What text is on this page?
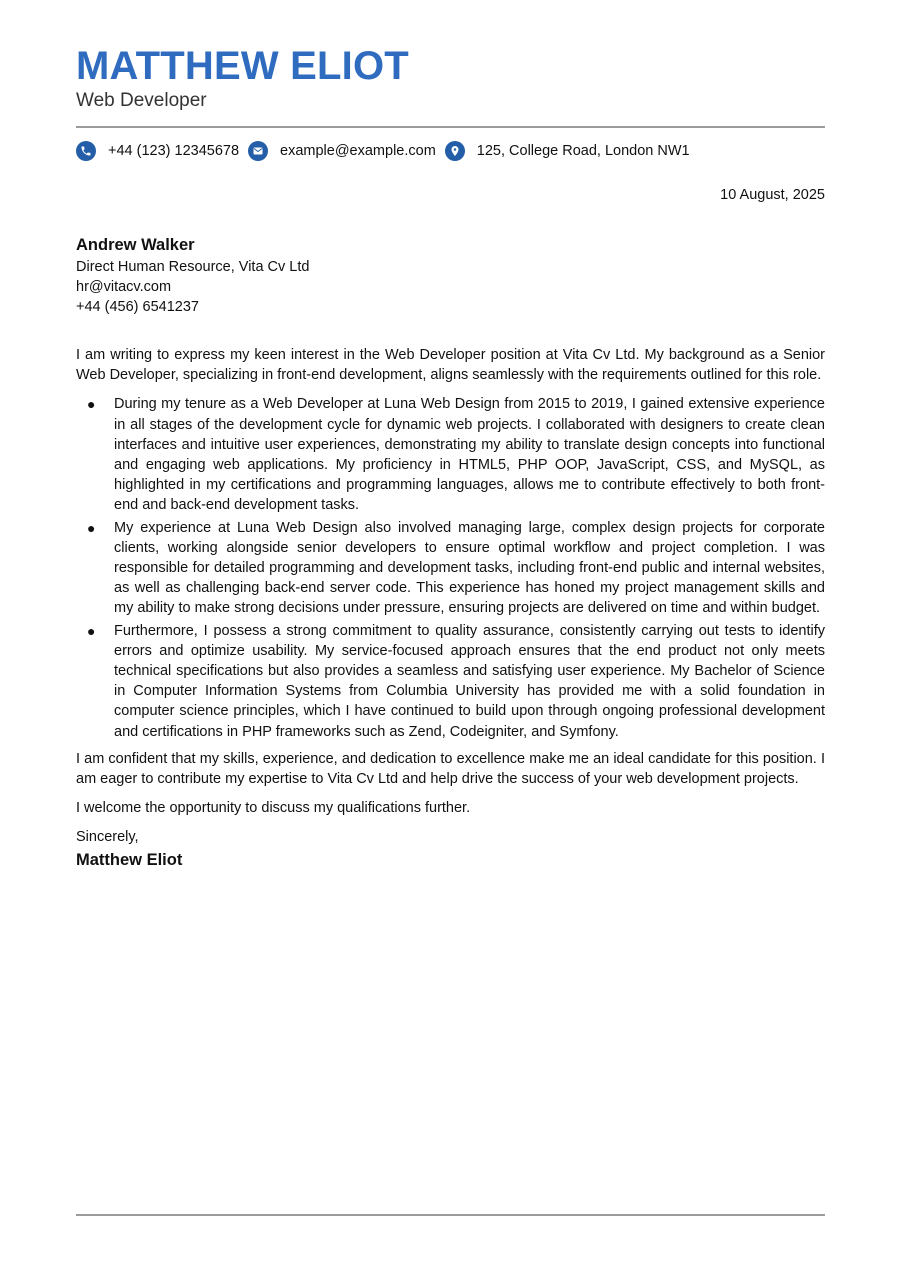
MATTHEW ELIOT
Web Developer
+44 (123) 12345678	example@example.com	125, College Road, London NW1
10 August, 2025
Andrew Walker
Direct Human Resource, Vita Cv Ltd
hr@vitacv.com
+44 (456) 6541237

I am writing to express my keen interest in the Web Developer position at Vita Cv Ltd. My background as a Senior Web Developer, specializing in front-end development, aligns seamlessly with the requirements outlined for this role.

● During my tenure as a Web Developer at Luna Web Design from 2015 to 2019, I gained extensive experience in all stages of the development cycle for dynamic web projects. I collaborated with designers to create clean interfaces and intuitive user experiences, demonstrating my ability to translate design concepts into functional and engaging web applications. My proficiency in HTML5, PHP OOP, JavaScript, CSS, and MySQL, as highlighted in my certifications and programming languages, allows me to contribute effectively to both front-end and back-end development tasks.
● My experience at Luna Web Design also involved managing large, complex design projects for corporate clients, working alongside senior developers to ensure optimal workflow and project completion. I was responsible for detailed programming and development tasks, including front-end public and internal websites, as well as challenging back-end server code. This experience has honed my project management skills and my ability to make strong decisions under pressure, ensuring projects are delivered on time and within budget.
● Furthermore, I possess a strong commitment to quality assurance, consistently carrying out tests to identify errors and optimize usability. My service-focused approach ensures that the end product not only meets technical specifications but also provides a seamless and satisfying user experience. My Bachelor of Science in Computer Information Systems from Columbia University has provided me with a solid foundation in computer science principles, which I have continued to build upon through ongoing professional development and certifications in PHP frameworks such as Zend, Codeigniter, and Symfony.

I am confident that my skills, experience, and dedication to excellence make me an ideal candidate for this position. I am eager to contribute my expertise to Vita Cv Ltd and help drive the success of your web development projects.

I welcome the opportunity to discuss my qualifications further.

Sincerely,

Matthew Eliot
